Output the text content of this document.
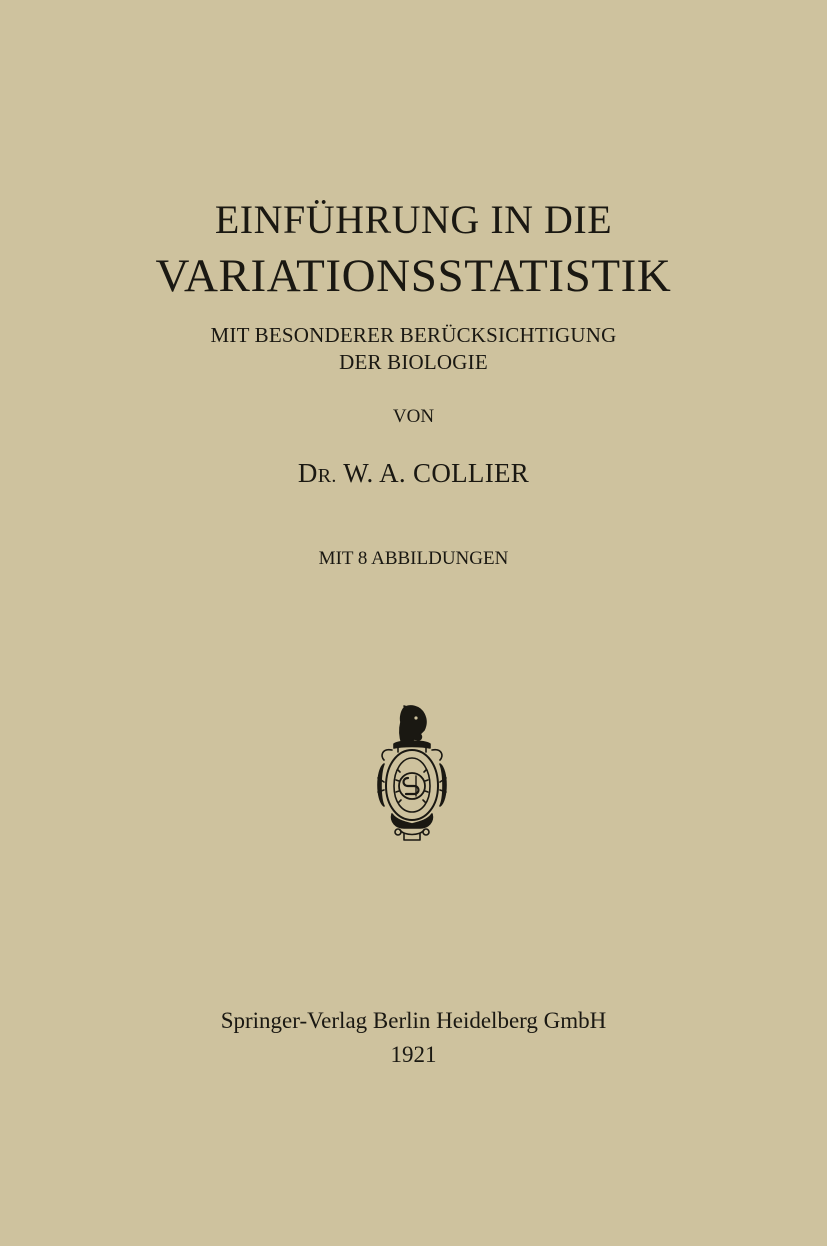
EINFÜHRUNG IN DIE
VARIATIONSSTATISTIK
MIT BESONDERER BERÜCKSICHTIGUNG
DER BIOLOGIE
VON
DR. W. A. COLLIER
MIT 8 ABBILDUNGEN
Springer-Verlag Berlin Heidelberg GmbH
1921
